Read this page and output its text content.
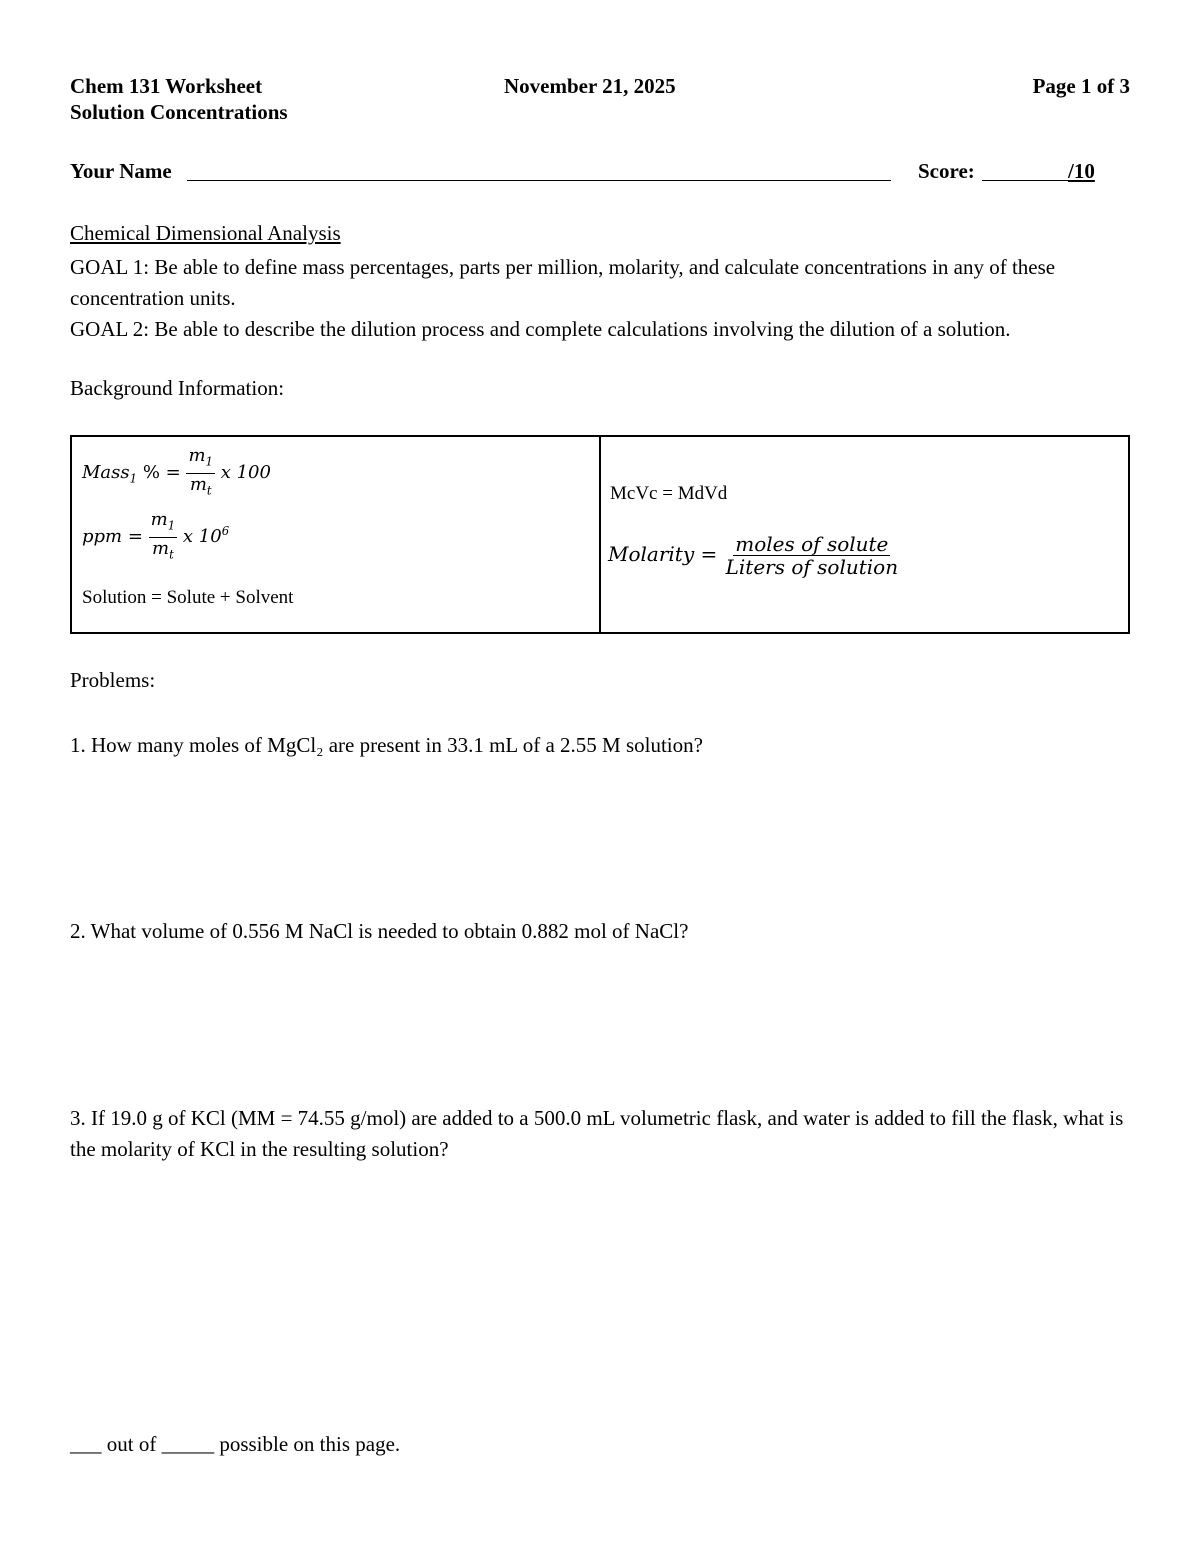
Chem 131 Worksheet
Solution Concentrations
November 21, 2025	Page 1 of 3
Your Name	Score:	/10
Chemical Dimensional Analysis
GOAL 1: Be able to define mass percentages, parts per million, molarity, and calculate concentrations in any of these concentration units.
GOAL 2: Be able to describe the dilution process and complete calculations involving the dilution of a solution.
Background Information:
Mass$_1$ % = $\frac{m_1}{m_t}$ x 100
ppm = $\frac{m_1}{m_t}$ x $10^6$
Solution = Solute + Solvent
McVc = MdVd
Molarity = $\frac{\text{moles of solute}}{\text{Liters of solution}}$
Problems:
1. How many moles of MgCl₂ are present in 33.1 mL of a 2.55 M solution?
2. What volume of 0.556 M NaCl is needed to obtain 0.882 mol of NaCl?
3. If 19.0 g of KCl (MM = 74.55 g/mol) are added to a 500.0 mL volumetric flask, and water is added to fill the flask, what is the molarity of KCl in the resulting solution?
___ out of _____ possible on this page.
